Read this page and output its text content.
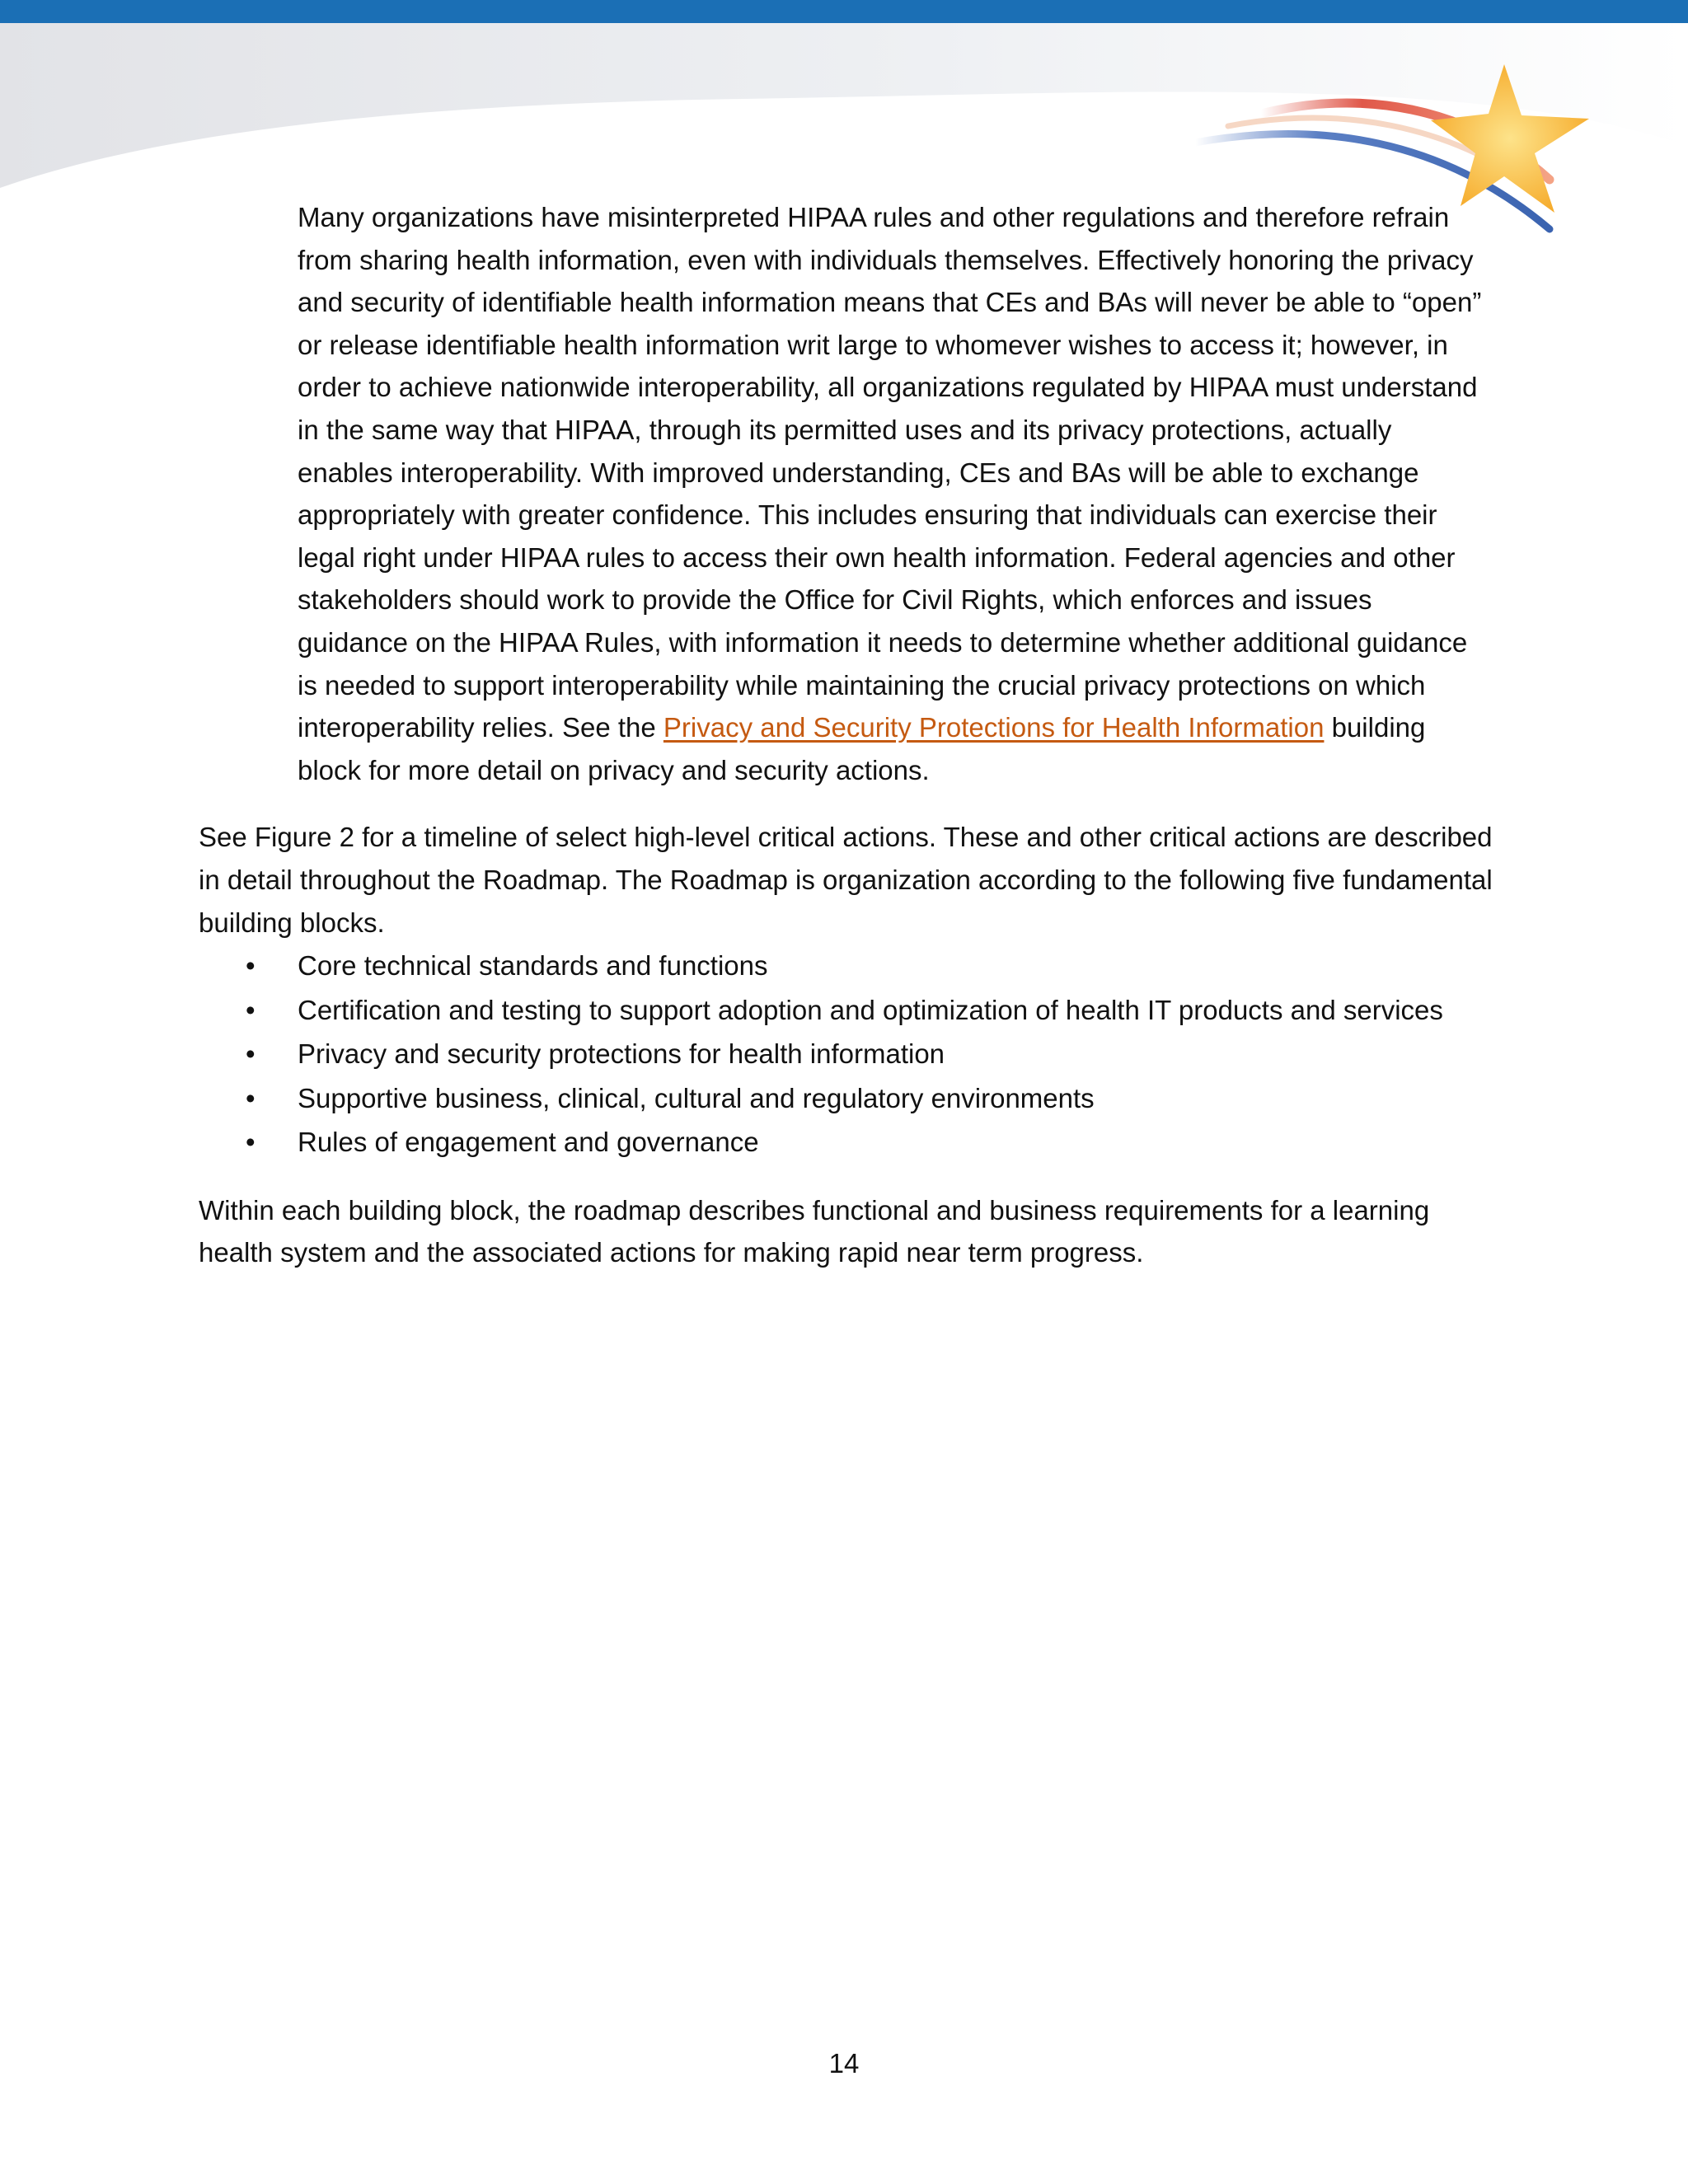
Many organizations have misinterpreted HIPAA rules and other regulations and therefore refrain from sharing health information, even with individuals themselves. Effectively honoring the privacy and security of identifiable health information means that CEs and BAs will never be able to “open” or release identifiable health information writ large to whomever wishes to access it; however, in order to achieve nationwide interoperability, all organizations regulated by HIPAA must understand in the same way that HIPAA, through its permitted uses and its privacy protections, actually enables interoperability. With improved understanding, CEs and BAs will be able to exchange appropriately with greater confidence. This includes ensuring that individuals can exercise their legal right under HIPAA rules to access their own health information. Federal agencies and other stakeholders should work to provide the Office for Civil Rights, which enforces and issues guidance on the HIPAA Rules, with information it needs to determine whether additional guidance is needed to support interoperability while maintaining the crucial privacy protections on which interoperability relies. See the Privacy and Security Protections for Health Information building block for more detail on privacy and security actions.

See Figure 2 for a timeline of select high-level critical actions. These and other critical actions are described in detail throughout the Roadmap. The Roadmap is organization according to the following five fundamental building blocks.

• Core technical standards and functions
• Certification and testing to support adoption and optimization of health IT products and services
• Privacy and security protections for health information
• Supportive business, clinical, cultural and regulatory environments
• Rules of engagement and governance

Within each building block, the roadmap describes functional and business requirements for a learning health system and the associated actions for making rapid near term progress.

14
